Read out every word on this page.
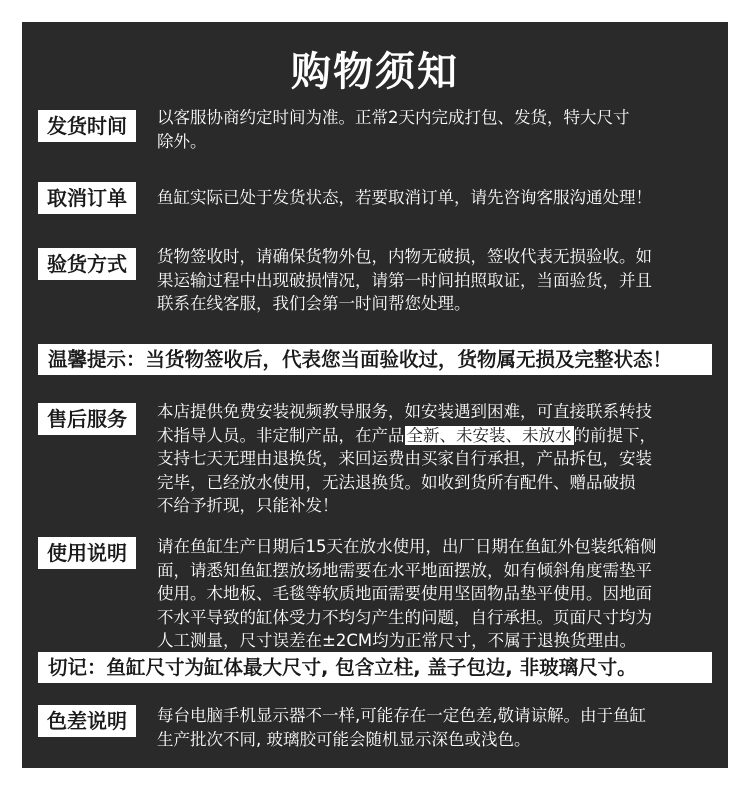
购物须知
发货时间	以客服协商约定时间为准。正常2天内完成打包、发货，特大尺寸
除外。
取消订单	鱼缸实际已处于发货状态，若要取消订单，请先咨询客服沟通处理！
验货方式	货物签收时，请确保货物外包，内物无破损，签收代表无损验收。如
果运输过程中出现破损情况，请第一时间拍照取证，当面验货，并且
联系在线客服，我们会第一时间帮您处理。
温馨提示：当货物签收后，代表您当面验收过，货物属无损及完整状态！
售后服务	本店提供免费安装视频教导服务，如安装遇到困难，可直接联系转技
术指导人员。非定制产品，在产品 全新、未安装、未放水 的前提下，
支持七天无理由退换货，来回运费由买家自行承担，产品拆包，安装
完毕，已经放水使用，无法退换货。如收到货所有配件、赠品破损
不给予折现，只能补发！
使用说明	请在鱼缸生产日期后15天在放水使用，出厂日期在鱼缸外包装纸箱侧
面，请悉知鱼缸摆放场地需要在水平地面摆放，如有倾斜角度需垫平
使用。木地板、毛毯等软质地面需要使用坚固物品垫平使用。因地面
不水平导致的缸体受力不均匀产生的问题，自行承担。页面尺寸均为
人工测量，尺寸误差在±2CM均为正常尺寸，不属于退换货理由。
切记：鱼缸尺寸为缸体最大尺寸, 包含立柱, 盖子包边, 非玻璃尺寸。
色差说明	每台电脑手机显示器不一样,可能存在一定色差,敬请谅解。由于鱼缸
生产批次不同, 玻璃胶可能会随机显示深色或浅色。
